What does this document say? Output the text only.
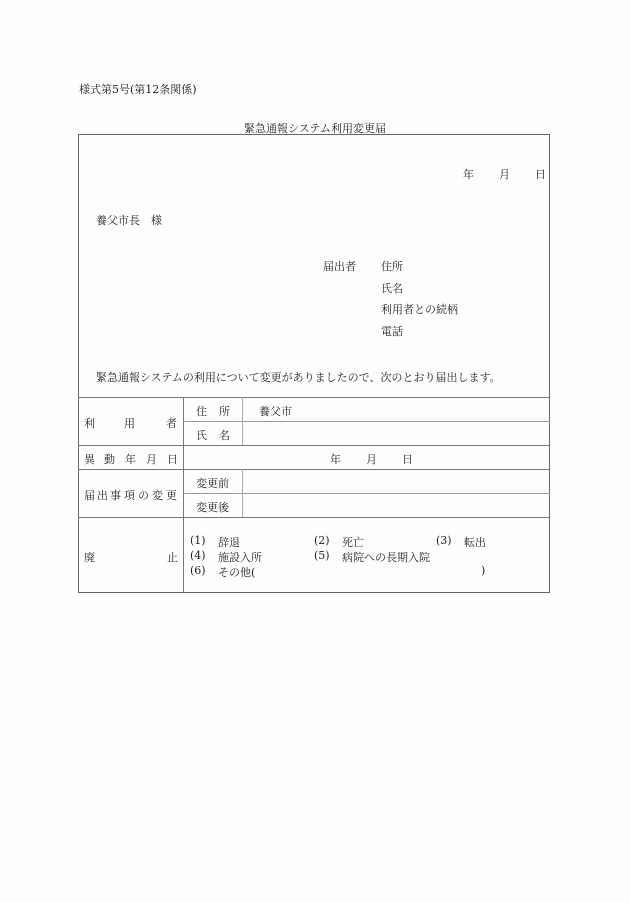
様式第5号(第12条関係)
緊急通報システム利用変更届
年 月 日
養父市長　様
届出者 住所
氏名
利用者との続柄
電話
緊急通報システムの利用について変更がありましたので、次のとおり届出します。
利	用	者
住 所	養父市
氏 名
異 動 年 月 日	年 月 日
届 出 事 項 の 変 更
変更前
変更後
廃	止
(1) 辞退	(2) 死亡	(3) 転出
(4) 施設入所	(5) 病院への長期入院
(6) その他(	)
